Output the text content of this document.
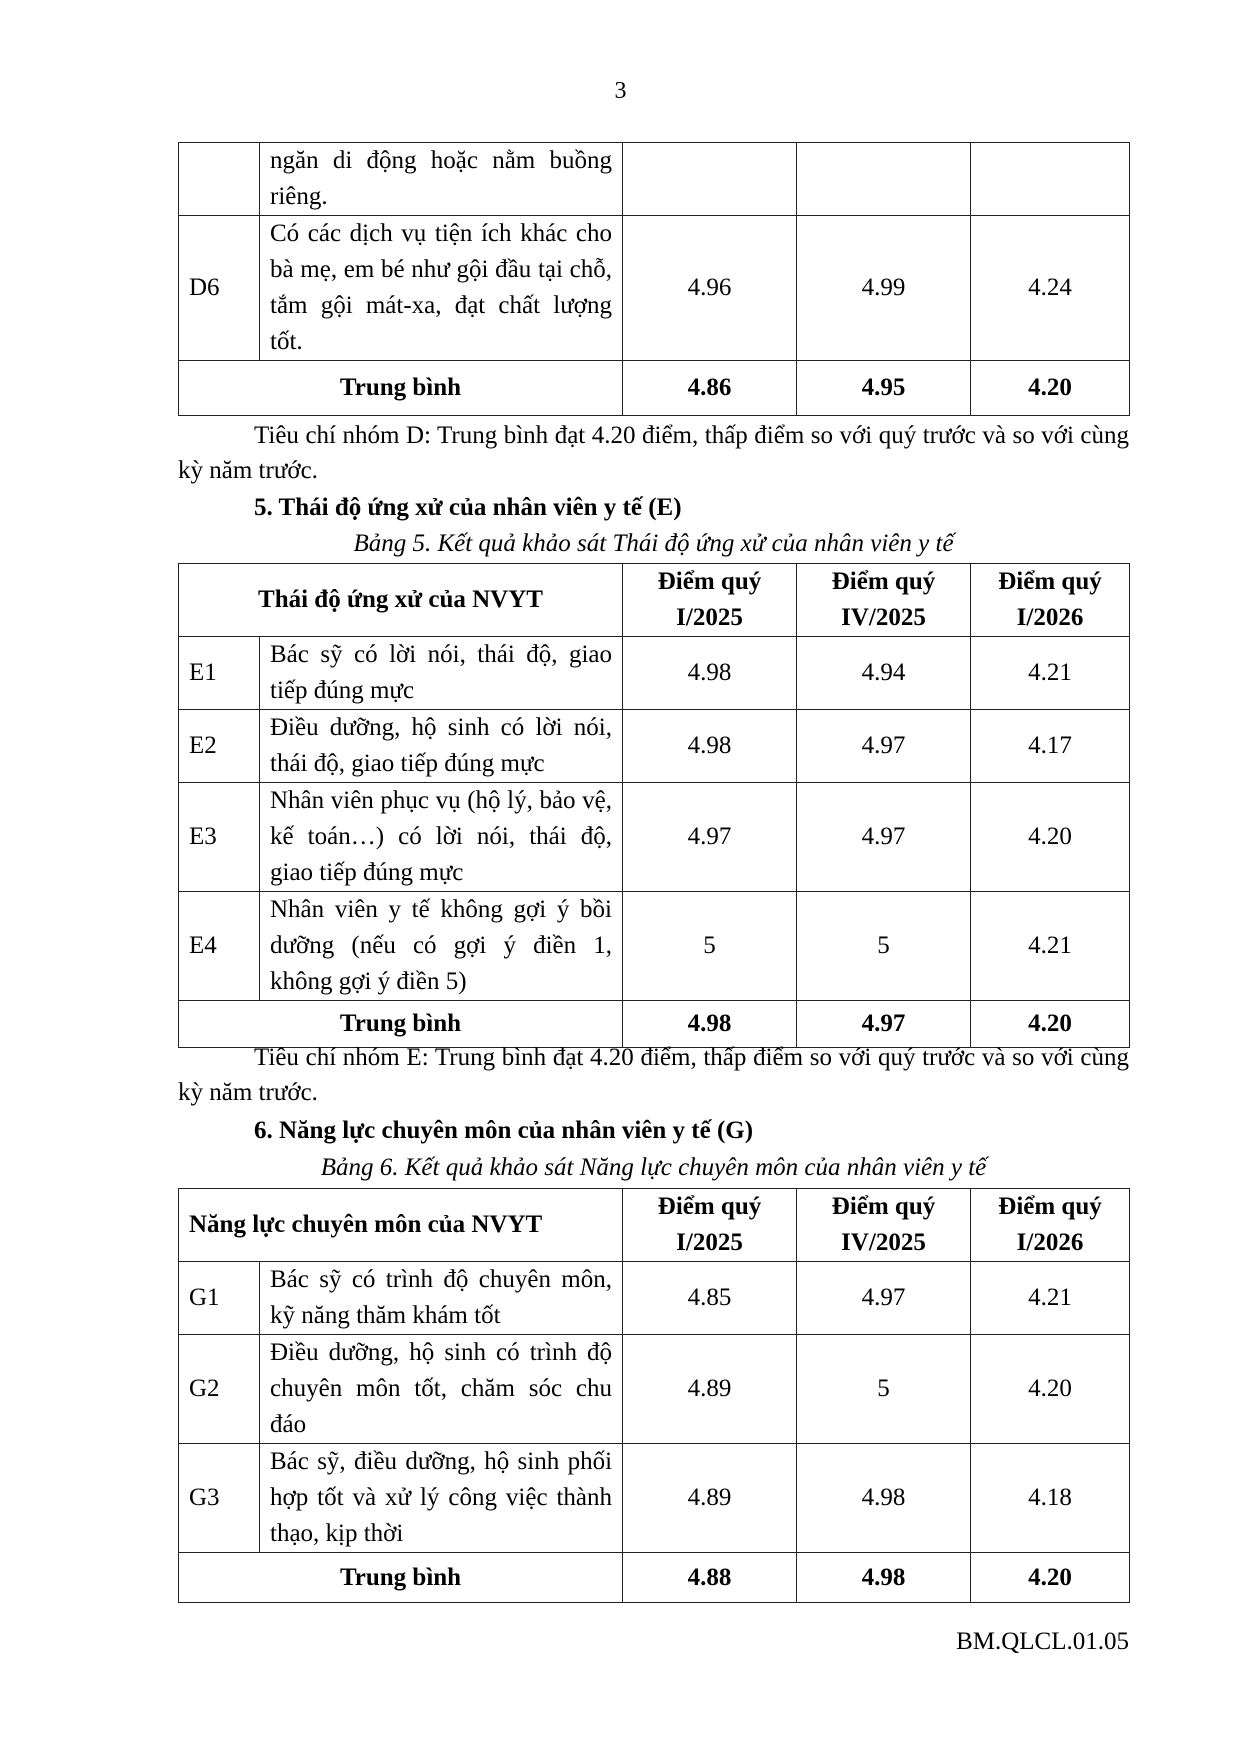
3
	ngăn di động hoặc nằm buồng riêng.			
D6	Có các dịch vụ tiện ích khác cho bà mẹ, em bé như gội đầu tại chỗ, tắm gội mát-xa, đạt chất lượng tốt.	4.96	4.99	4.24
Trung bình		4.86	4.95	4.20
Tiêu chí nhóm D: Trung bình đạt 4.20 điểm, thấp điểm so với quý trước và so với cùng kỳ năm trước.
5. Thái độ ứng xử của nhân viên y tế (E)
Bảng 5. Kết quả khảo sát Thái độ ứng xử của nhân viên y tế
Thái độ ứng xử của NVYT		Điểm quý I/2025	Điểm quý IV/2025	Điểm quý I/2026
E1	Bác sỹ có lời nói, thái độ, giao tiếp đúng mực	4.98	4.94	4.21
E2	Điều dưỡng, hộ sinh có lời nói, thái độ, giao tiếp đúng mực	4.98	4.97	4.17
E3	Nhân viên phục vụ (hộ lý, bảo vệ, kế toán…) có lời nói, thái độ, giao tiếp đúng mực	4.97	4.97	4.20
E4	Nhân viên y tế không gợi ý bồi dưỡng (nếu có gợi ý điền 1, không gợi ý điền 5)	5	5	4.21
Trung bình		4.98	4.97	4.20
Tiêu chí nhóm E: Trung bình đạt 4.20 điểm, thấp điểm so với quý trước và so với cùng kỳ năm trước.
6. Năng lực chuyên môn của nhân viên y tế (G)
Bảng 6. Kết quả khảo sát Năng lực chuyên môn của nhân viên y tế
Năng lực chuyên môn của NVYT		Điểm quý I/2025	Điểm quý IV/2025	Điểm quý I/2026
G1	Bác sỹ có trình độ chuyên môn, kỹ năng thăm khám tốt	4.85	4.97	4.21
G2	Điều dưỡng, hộ sinh có trình độ chuyên môn tốt, chăm sóc chu đáo	4.89	5	4.20
G3	Bác sỹ, điều dưỡng, hộ sinh phối hợp tốt và xử lý công việc thành thạo, kịp thời	4.89	4.98	4.18
Trung bình		4.88	4.98	4.20
BM.QLCL.01.05
